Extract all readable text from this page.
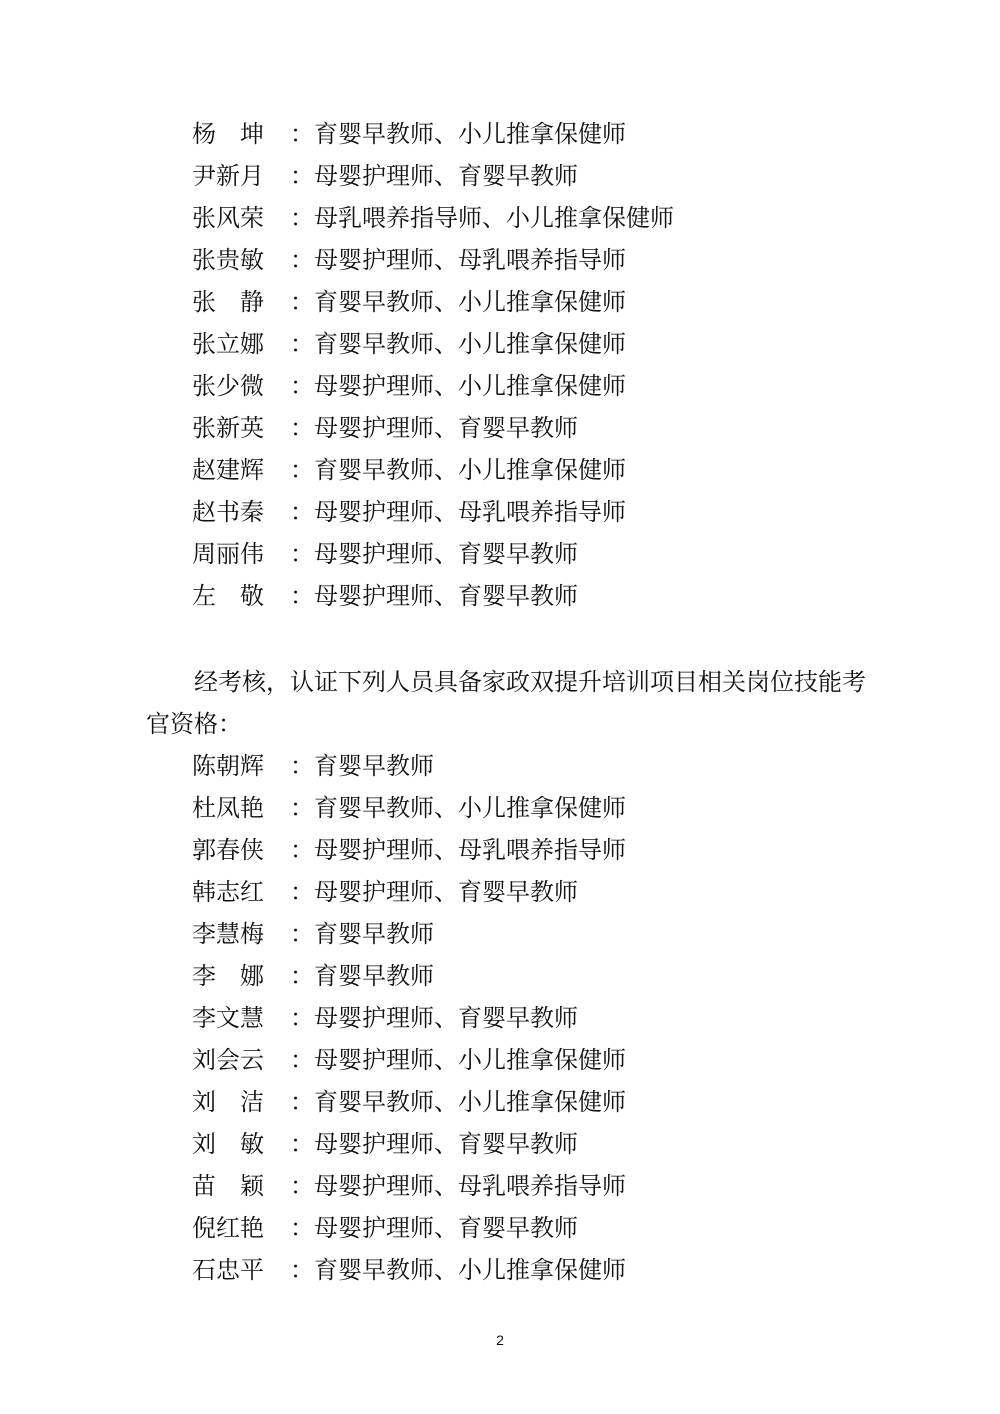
杨　坤 ：育婴早教师、小儿推拿保健师
尹新月 ：母婴护理师、育婴早教师
张风荣 ：母乳喂养指导师、小儿推拿保健师
张贵敏 ：母婴护理师、母乳喂养指导师
张　静 ：育婴早教师、小儿推拿保健师
张立娜 ：育婴早教师、小儿推拿保健师
张少微 ：母婴护理师、小儿推拿保健师
张新英 ：母婴护理师、育婴早教师
赵建辉 ：育婴早教师、小儿推拿保健师
赵书秦 ：母婴护理师、母乳喂养指导师
周丽伟 ：母婴护理师、育婴早教师
左　敬 ：母婴护理师、育婴早教师
经考核，认证下列人员具备家政双提升培训项目相关岗位技能考官资格：
陈朝辉 ：育婴早教师
杜凤艳 ：育婴早教师、小儿推拿保健师
郭春侠 ：母婴护理师、母乳喂养指导师
韩志红 ：母婴护理师、育婴早教师
李慧梅 ：育婴早教师
李　娜 ：育婴早教师
李文慧 ：母婴护理师、育婴早教师
刘会云 ：母婴护理师、小儿推拿保健师
刘　洁 ：育婴早教师、小儿推拿保健师
刘　敏 ：母婴护理师、育婴早教师
苗　颖 ：母婴护理师、母乳喂养指导师
倪红艳 ：母婴护理师、育婴早教师
石忠平 ：育婴早教师、小儿推拿保健师
2
